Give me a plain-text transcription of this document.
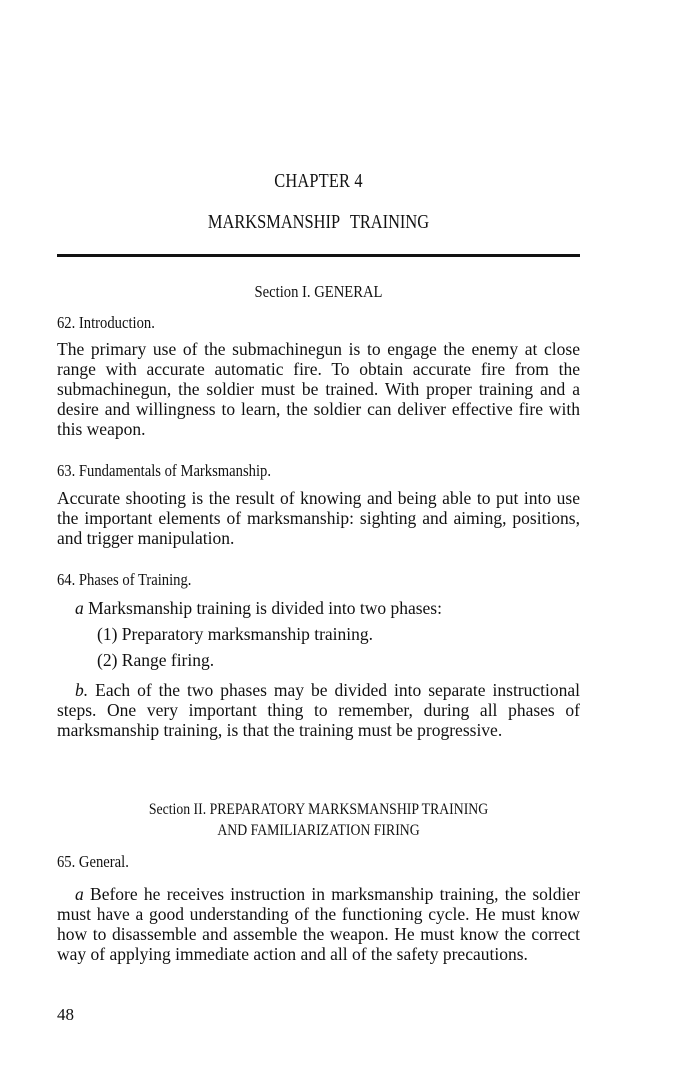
CHAPTER 4
MARKSMANSHIP TRAINING
Section I. GENERAL
62. Introduction.
The primary use of the submachinegun is to engage the enemy at close range with accurate automatic fire. To obtain accurate fire from the submachinegun, the soldier must be trained. With proper training and a desire and willingness to learn, the soldier can deliver effective fire with this weapon.
63. Fundamentals of Marksmanship.
Accurate shooting is the result of knowing and being able to put into use the important elements of marksmanship: sighting and aiming, positions, and trigger manipulation.
64. Phases of Training.
a Marksmanship training is divided into two phases:
(1) Preparatory marksmanship training.
(2) Range firing.
b. Each of the two phases may be divided into separate instructional steps. One very important thing to remember, during all phases of marksmanship training, is that the training must be progressive.
Section II. PREPARATORY MARKSMANSHIP TRAINING
AND FAMILIARIZATION FIRING
65. General.
a Before he receives instruction in marksmanship training, the soldier must have a good understanding of the functioning cycle. He must know how to disassemble and assemble the weapon. He must know the correct way of applying immediate action and all of the safety precautions.
48
